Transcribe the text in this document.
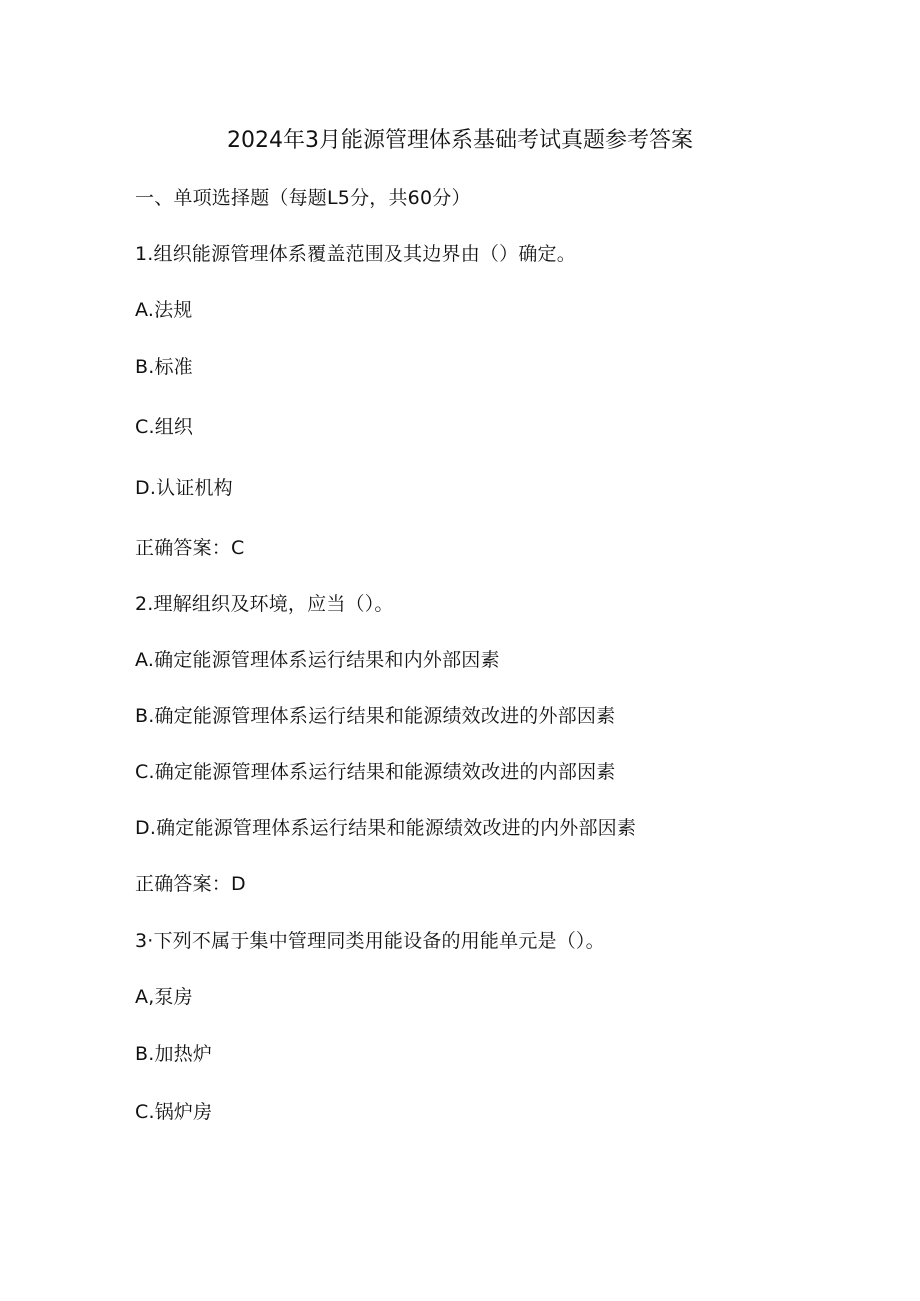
2024年3月能源管理体系基础考试真题参考答案
一、单项选择题（每题L5分，共60分）
1.组织能源管理体系覆盖范围及其边界由（）确定。
A.法规
B.标准
C.组织
D.认证机构
正确答案：C
2.理解组织及环境，应当（）。
A.确定能源管理体系运行结果和内外部因素
B.确定能源管理体系运行结果和能源绩效改进的外部因素
C.确定能源管理体系运行结果和能源绩效改进的内部因素
D.确定能源管理体系运行结果和能源绩效改进的内外部因素
正确答案：D
3·下列不属于集中管理同类用能设备的用能单元是（）。
A,泵房
B.加热炉
C.锅炉房
